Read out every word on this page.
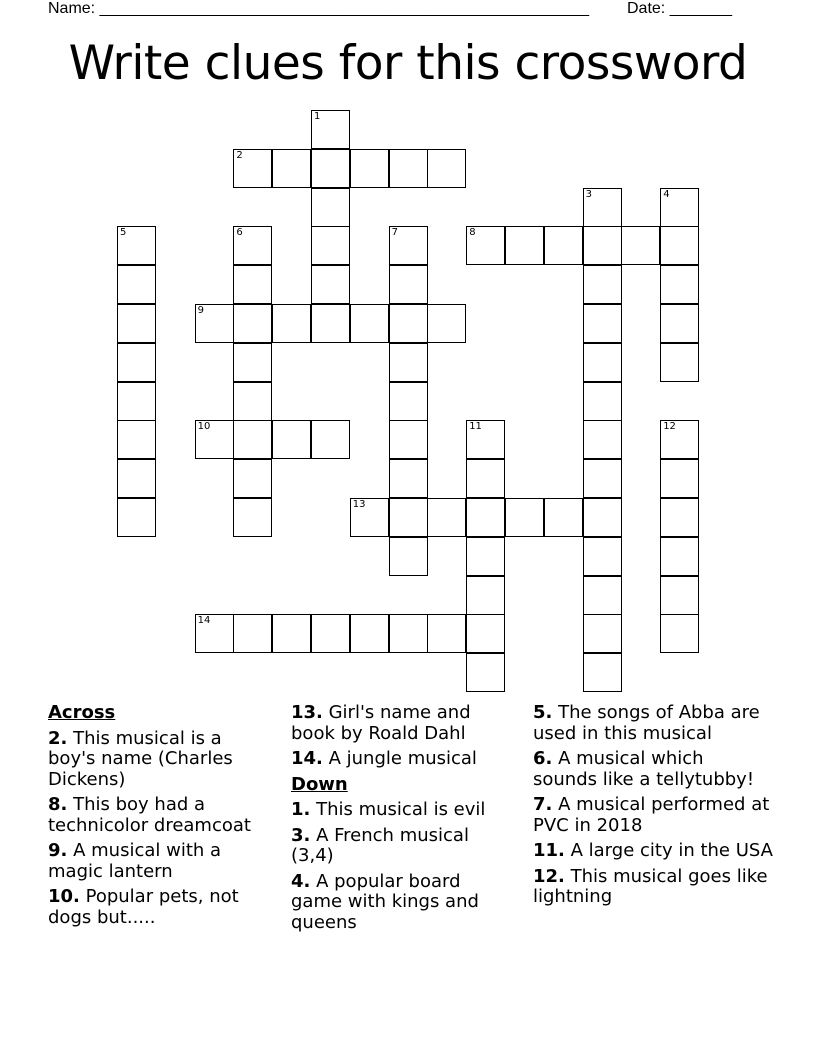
Name: _______________________________________________________ Date: _______
Write clues for this crossword
1
2
3	4
5	6	7	8
9
10	11	12
13
14
Across
2. This musical is a boy's name (Charles Dickens)
8. This boy had a technicolor dreamcoat
9. A musical with a magic lantern
10. Popular pets, not dogs but.....
13. Girl's name and book by Roald Dahl
14. A jungle musical
Down
1. This musical is evil
3. A French musical (3,4)
4. A popular board game with kings and queens
5. The songs of Abba are used in this musical
6. A musical which sounds like a tellytubby!
7. A musical performed at PVC in 2018
11. A large city in the USA
12. This musical goes like lightning
